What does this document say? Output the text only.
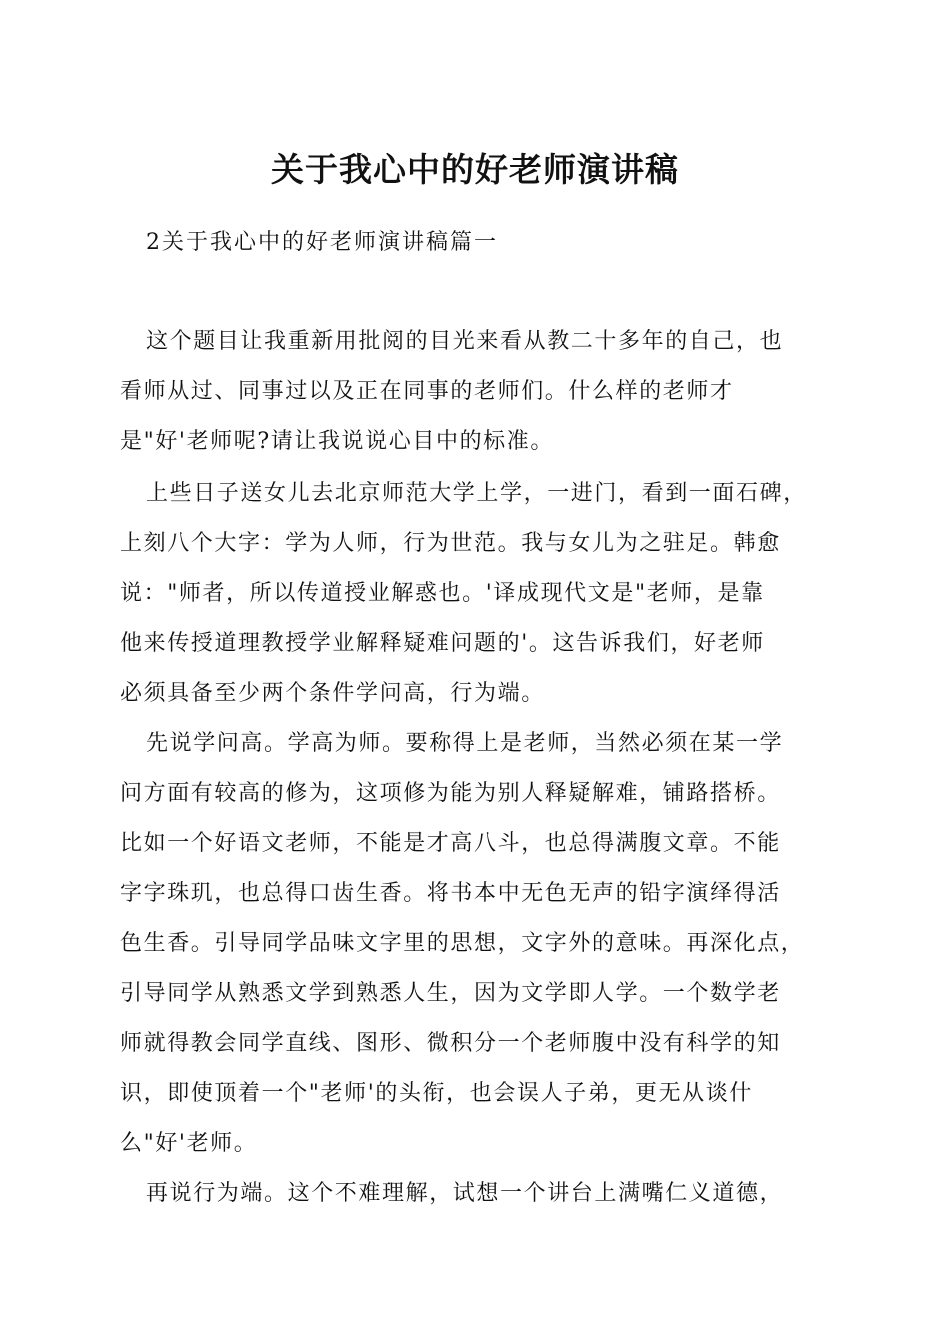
关于我心中的好老师演讲稿

2关于我心中的好老师演讲稿篇一

这个题目让我重新用批阅的目光来看从教二十多年的自己，也

看师从过、同事过以及正在同事的老师们。什么样的老师才

是"好'老师呢?请让我说说心目中的标准。

上些日子送女儿去北京师范大学上学，一进门，看到一面石碑，

上刻八个大字：学为人师，行为世范。我与女儿为之驻足。韩愈

说："师者，所以传道授业解惑也。'译成现代文是"老师，是靠

他来传授道理教授学业解释疑难问题的'。这告诉我们，好老师

必须具备至少两个条件学问高，行为端。

先说学问高。学高为师。要称得上是老师，当然必须在某一学

问方面有较高的修为，这项修为能为别人释疑解难，铺路搭桥。

比如一个好语文老师，不能是才高八斗，也总得满腹文章。不能

字字珠玑，也总得口齿生香。将书本中无色无声的铅字演绎得活

色生香。引导同学品味文字里的思想，文字外的意味。再深化点，

引导同学从熟悉文学到熟悉人生，因为文学即人学。一个数学老

师就得教会同学直线、图形、微积分一个老师腹中没有科学的知

识，即使顶着一个"老师'的头衔，也会误人子弟，更无从谈什

么"好'老师。

再说行为端。这个不难理解，试想一个讲台上满嘴仁义道德，
